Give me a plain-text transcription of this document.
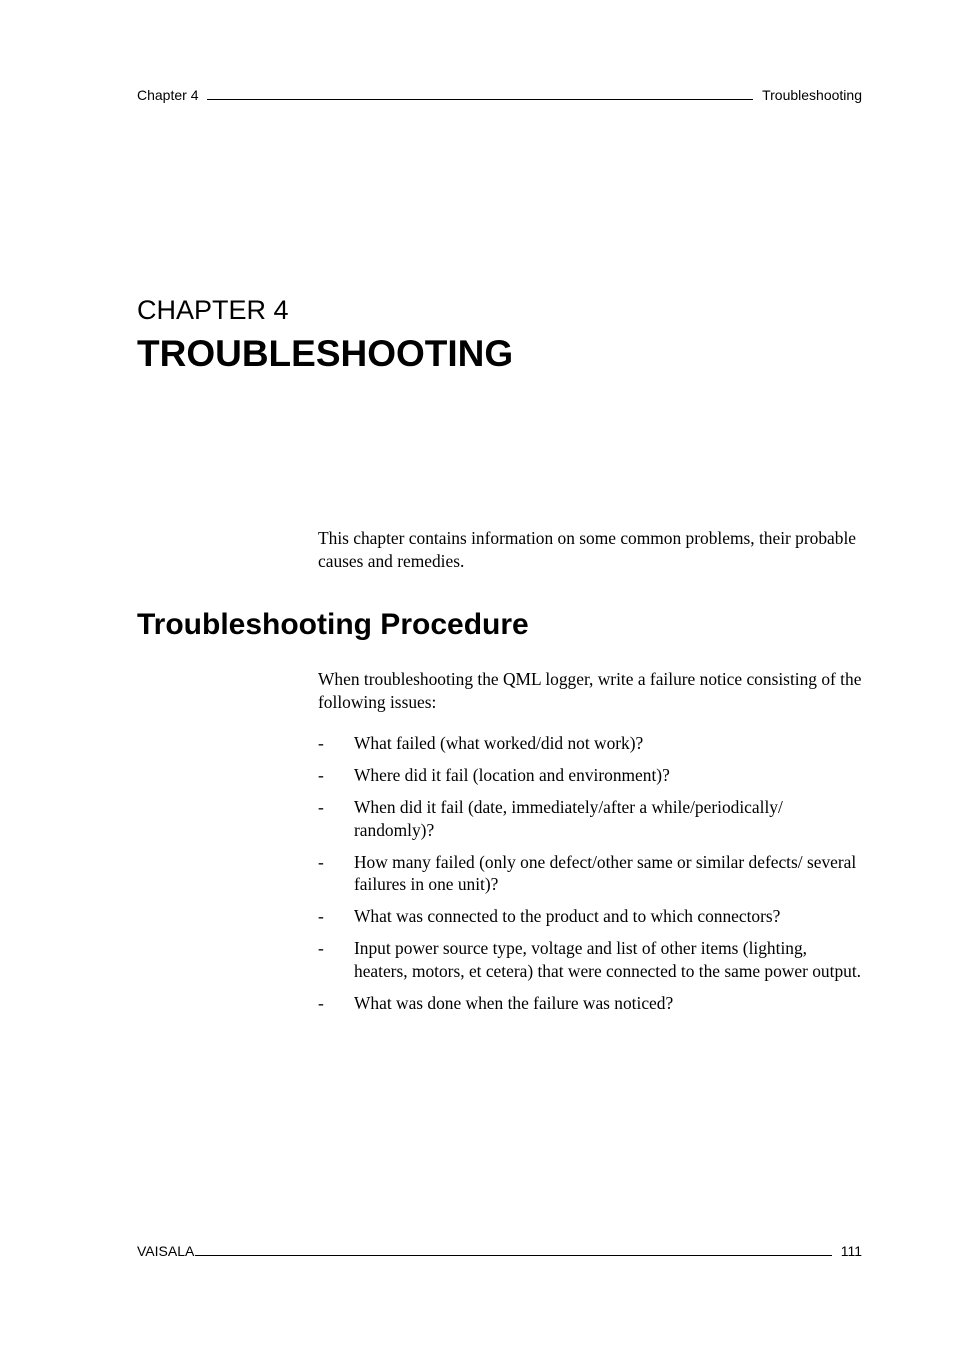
Chapter 4	Troubleshooting
CHAPTER 4
TROUBLESHOOTING

This chapter contains information on some common problems, their probable causes and remedies.

Troubleshooting Procedure

When troubleshooting the QML logger, write a failure notice consisting of the following issues:

- What failed (what worked/did not work)?
- Where did it fail (location and environment)?
- When did it fail (date, immediately/after a while/periodically/ randomly)?
- How many failed (only one defect/other same or similar defects/ several failures in one unit)?
- What was connected to the product and to which connectors?
- Input power source type, voltage and list of other items (lighting, heaters, motors, et cetera) that were connected to the same power output.
- What was done when the failure was noticed?
VAISALA	111
